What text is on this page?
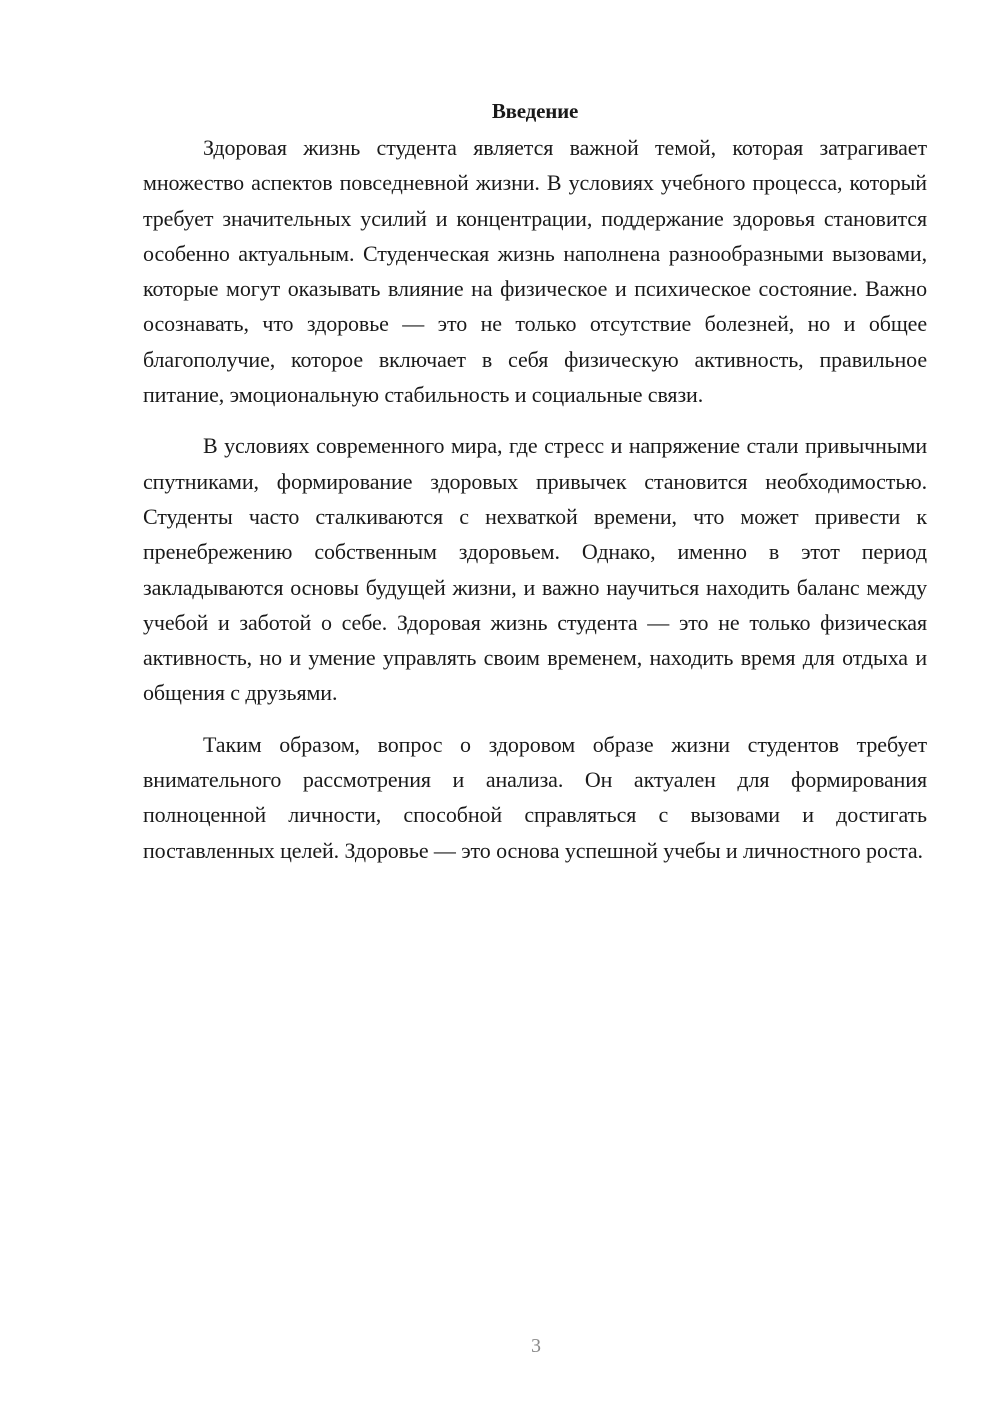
Введение

Здоровая жизнь студента является важной темой, которая затрагивает множество аспектов повседневной жизни. В условиях учебного процесса, который требует значительных усилий и концентрации, поддержание здоровья становится особенно актуальным. Студенческая жизнь наполнена разнообразными вызовами, которые могут оказывать влияние на физическое и психическое состояние. Важно осознавать, что здоровье — это не только отсутствие болезней, но и общее благополучие, которое включает в себя физическую активность, правильное питание, эмоциональную стабильность и социальные связи.

В условиях современного мира, где стресс и напряжение стали привычными спутниками, формирование здоровых привычек становится необходимостью. Студенты часто сталкиваются с нехваткой времени, что может привести к пренебрежению собственным здоровьем. Однако, именно в этот период закладываются основы будущей жизни, и важно научиться находить баланс между учебой и заботой о себе. Здоровая жизнь студента — это не только физическая активность, но и умение управлять своим временем, находить время для отдыха и общения с друзьями.

Таким образом, вопрос о здоровом образе жизни студентов требует внимательного рассмотрения и анализа. Он актуален для формирования полноценной личности, способной справляться с вызовами и достигать поставленных целей. Здоровье — это основа успешной учебы и личностного роста.

3
